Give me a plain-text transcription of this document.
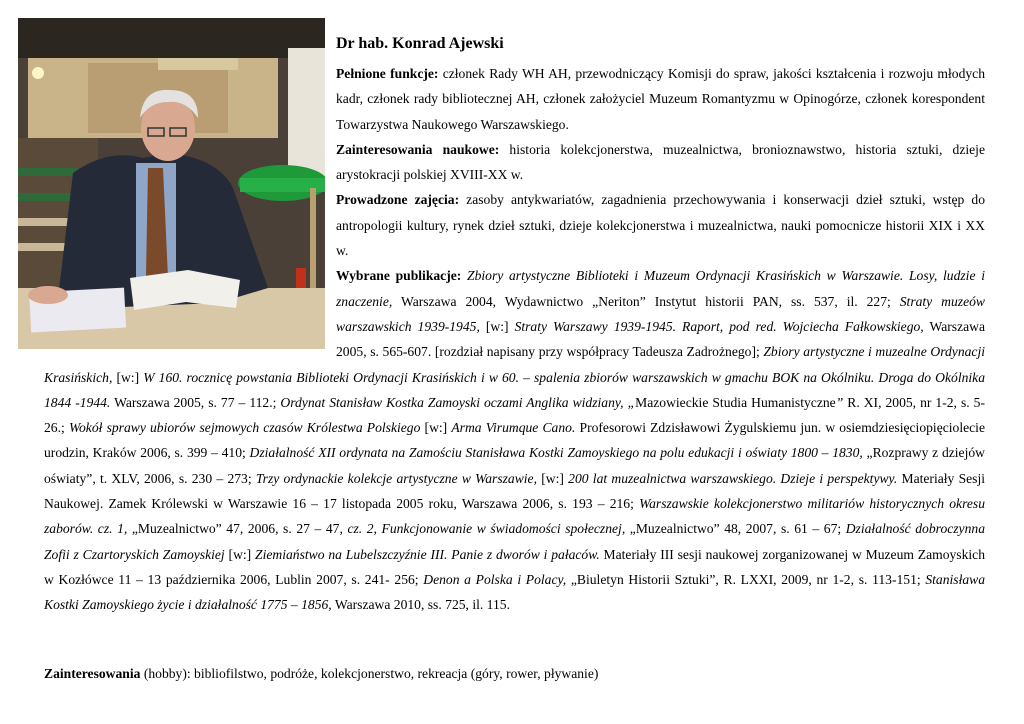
Dr hab. Konrad Ajewski

Pełnione funkcje: członek Rady WH AH, przewodniczący Komisji do spraw, jakości kształcenia i rozwoju młodych kadr, członek rady bibliotecznej AH, członek założyciel Muzeum Romantyzmu w Opinogórze, członek korespondent Towarzystwa Naukowego Warszawskiego.

Zainteresowania naukowe: historia kolekcjonerstwa, muzealnictwa, bronioznawstwo, historia sztuki, dzieje arystokracji polskiej XVIII-XX w.

Prowadzone zajęcia: zasoby antykwariatów, zagadnienia przechowywania i konserwacji dzieł sztuki, wstęp do antropologii kultury, rynek dzieł sztuki, dzieje kolekcjonerstwa i muzealnictwa, nauki pomocnicze historii XIX i XX w.

Wybrane publikacje: Zbiory artystyczne Biblioteki i Muzeum Ordynacji Krasińskich w Warszawie. Losy, ludzie i znaczenie, Warszawa 2004, Wydawnictwo „Neriton” Instytut historii PAN, ss. 537, il. 227; Straty muzeów warszawskich 1939-1945, [w:] Straty Warszawy 1939-1945. Raport, pod red. Wojciecha Fałkowskiego, Warszawa 2005, s. 565-607. [rozdział napisany przy współpracy Tadeusza Zadrożnego]; Zbiory artystyczne i muzealne Ordynacji Krasińskich, [w:] W 160. rocznicę powstania Biblioteki Ordynacji Krasińskich i w 60. – spalenia zbiorów warszawskich w gmachu BOK na Okólniku. Droga do Okólnika 1844 -1944. Warszawa 2005, s. 77 – 112.; Ordynat Stanisław Kostka Zamoyski oczami Anglika widziany, „Mazowieckie Studia Humanistyczne” R. XI, 2005, nr 1-2, s. 5-26.; Wokół sprawy ubiorów sejmowych czasów Królestwa Polskiego [w:] Arma Virumque Cano. Profesorowi Zdzisławowi Żygulskiemu jun. w osiemdziesięciopięciolecie urodzin, Kraków 2006, s. 399 – 410; Działalność XII ordynata na Zamościu Stanisława Kostki Zamoyskiego na polu edukacji i oświaty 1800 – 1830, „Rozprawy z dziejów oświaty”, t. XLV, 2006, s. 230 – 273; Trzy ordynackie kolekcje artystyczne w Warszawie, [w:] 200 lat muzealnictwa warszawskiego. Dzieje i perspektywy. Materiały Sesji Naukowej. Zamek Królewski w Warszawie 16 – 17 listopada 2005 roku, Warszawa 2006, s. 193 – 216; Warszawskie kolekcjonerstwo militariów historycznych okresu zaborów. cz. 1, „Muzealnictwo” 47, 2006, s. 27 – 47, cz. 2, Funkcjonowanie w świadomości społecznej, „Muzealnictwo” 48, 2007, s. 61 – 67; Działalność dobroczynna Zofii z Czartoryskich Zamoyskiej [w:] Ziemiaństwo na Lubelszczyźnie III. Panie z dworów i pałaców. Materiały III sesji naukowej zorganizowanej w Muzeum Zamoyskich w Kozłówce 11 – 13 października 2006, Lublin 2007, s. 241- 256; Denon a Polska i Polacy, „Biuletyn Historii Sztuki”, R. LXXI, 2009, nr 1-2, s. 113-151; Stanisława Kostki Zamoyskiego życie i działalność 1775 – 1856, Warszawa 2010, ss. 725, il. 115.

Zainteresowania (hobby): bibliofilstwo, podróże, kolekcjonerstwo, rekreacja (góry, rower, pływanie)
